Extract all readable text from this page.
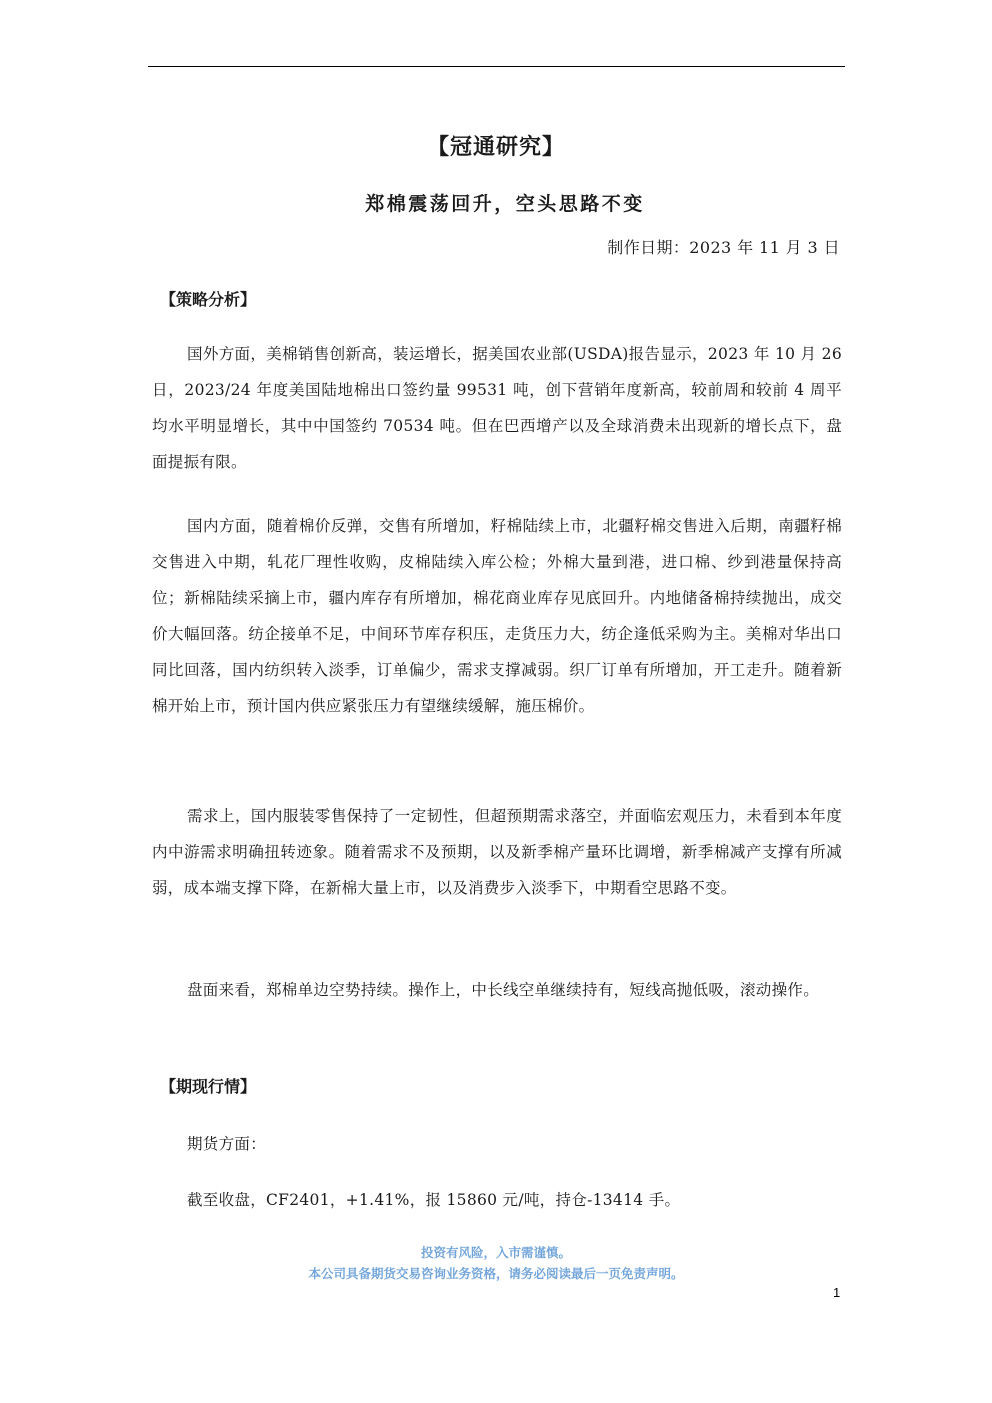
【冠通研究】
郑棉震荡回升，空头思路不变
制作日期：2023 年 11 月 3 日
【策略分析】
国外方面，美棉销售创新高，装运增长，据美国农业部(USDA)报告显示，2023 年 10 月 26 日，2023/24 年度美国陆地棉出口签约量 99531 吨，创下营销年度新高，较前周和较前 4 周平均水平明显增长，其中中国签约 70534 吨。但在巴西增产以及全球消费未出现新的增长点下，盘面提振有限。
国内方面，随着棉价反弹，交售有所增加，籽棉陆续上市，北疆籽棉交售进入后期，南疆籽棉交售进入中期，轧花厂理性收购，皮棉陆续入库公检；外棉大量到港，进口棉、纱到港量保持高位；新棉陆续采摘上市，疆内库存有所增加，棉花商业库存见底回升。内地储备棉持续抛出，成交价大幅回落。纺企接单不足，中间环节库存积压，走货压力大，纺企逢低采购为主。美棉对华出口同比回落，国内纺织转入淡季，订单偏少，需求支撑减弱。织厂订单有所增加，开工走升。随着新棉开始上市，预计国内供应紧张压力有望继续缓解，施压棉价。
需求上，国内服装零售保持了一定韧性，但超预期需求落空，并面临宏观压力，未看到本年度内中游需求明确扭转迹象。随着需求不及预期，以及新季棉产量环比调增，新季棉减产支撑有所减弱，成本端支撑下降，在新棉大量上市，以及消费步入淡季下，中期看空思路不变。
盘面来看，郑棉单边空势持续。操作上，中长线空单继续持有，短线高抛低吸，滚动操作。
【期现行情】
期货方面：
截至收盘，CF2401，+1.41%，报 15860 元/吨，持仓-13414 手。
投资有风险，入市需谨慎。
本公司具备期货交易咨询业务资格，请务必阅读最后一页免责声明。
1
